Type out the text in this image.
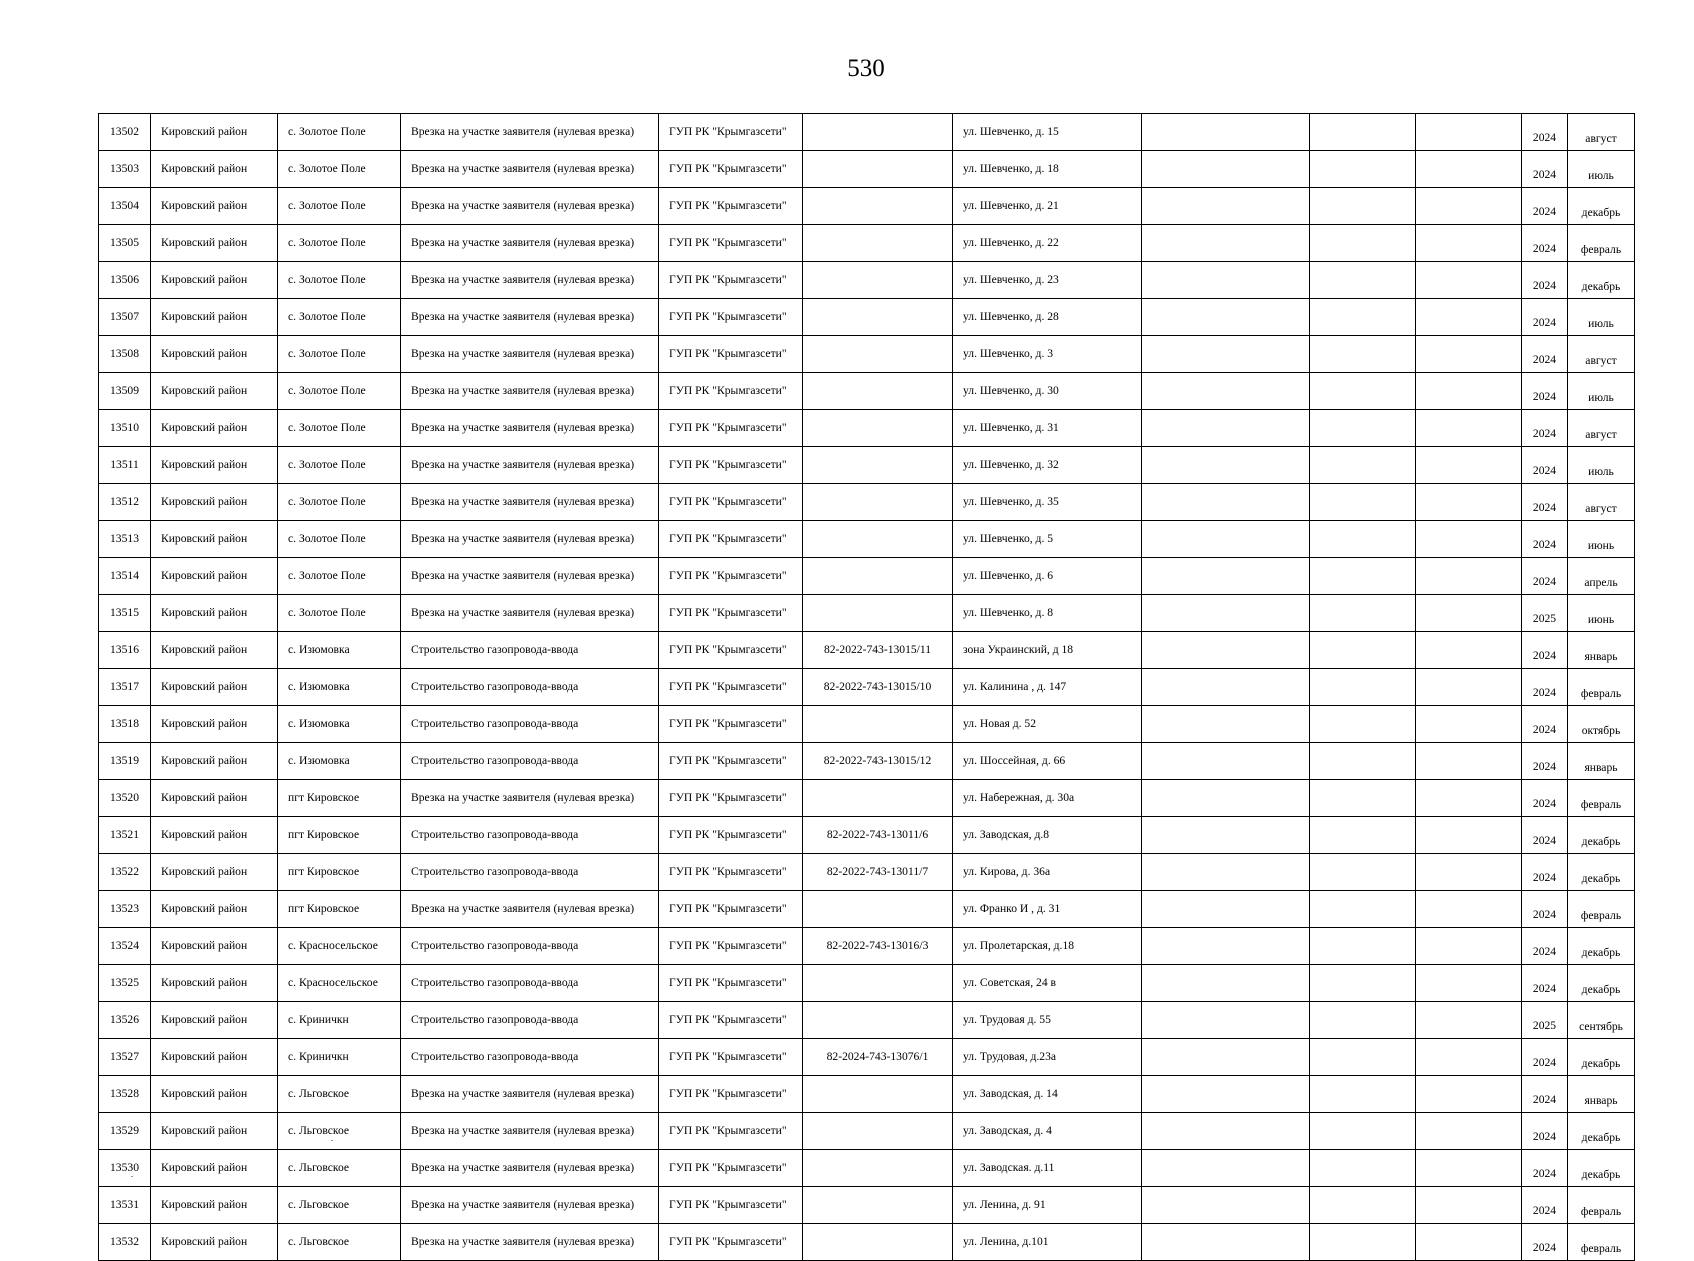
530
13502	Кировский район	с. Золотое Поле	Врезка на участке заявителя (нулевая врезка)	ГУП РК "Крымгазсети"		ул. Шевченко, д. 15				2024	август
13503	Кировский район	с. Золотое Поле	Врезка на участке заявителя (нулевая врезка)	ГУП РК "Крымгазсети"		ул. Шевченко, д. 18				2024	июль
13504	Кировский район	с. Золотое Поле	Врезка на участке заявителя (нулевая врезка)	ГУП РК "Крымгазсети"		ул. Шевченко, д. 21				2024	декабрь
13505	Кировский район	с. Золотое Поле	Врезка на участке заявителя (нулевая врезка)	ГУП РК "Крымгазсети"		ул. Шевченко, д. 22				2024	февраль
13506	Кировский район	с. Золотое Поле	Врезка на участке заявителя (нулевая врезка)	ГУП РК "Крымгазсети"		ул. Шевченко, д. 23				2024	декабрь
13507	Кировский район	с. Золотое Поле	Врезка на участке заявителя (нулевая врезка)	ГУП РК "Крымгазсети"		ул. Шевченко, д. 28				2024	июль
13508	Кировский район	с. Золотое Поле	Врезка на участке заявителя (нулевая врезка)	ГУП РК "Крымгазсети"		ул. Шевченко, д. 3				2024	август
13509	Кировский район	с. Золотое Поле	Врезка на участке заявителя (нулевая врезка)	ГУП РК "Крымгазсети"		ул. Шевченко, д. 30				2024	июль
13510	Кировский район	с. Золотое Поле	Врезка на участке заявителя (нулевая врезка)	ГУП РК "Крымгазсети"		ул. Шевченко, д. 31				2024	август
13511	Кировский район	с. Золотое Поле	Врезка на участке заявителя (нулевая врезка)	ГУП РК "Крымгазсети"		ул. Шевченко, д. 32				2024	июль
13512	Кировский район	с. Золотое Поле	Врезка на участке заявителя (нулевая врезка)	ГУП РК "Крымгазсети"		ул. Шевченко, д. 35				2024	август
13513	Кировский район	с. Золотое Поле	Врезка на участке заявителя (нулевая врезка)	ГУП РК "Крымгазсети"		ул. Шевченко, д. 5				2024	июнь
13514	Кировский район	с. Золотое Поле	Врезка на участке заявителя (нулевая врезка)	ГУП РК "Крымгазсети"		ул. Шевченко, д. 6				2024	апрель
13515	Кировский район	с. Золотое Поле	Врезка на участке заявителя (нулевая врезка)	ГУП РК "Крымгазсети"		ул. Шевченко, д. 8				2025	июнь
13516	Кировский район	с. Изюмовка	Строительство газопровода-ввода	ГУП РК "Крымгазсети"	82-2022-743-13015/11	зона Украинский, д 18				2024	январь
13517	Кировский район	с. Изюмовка	Строительство газопровода-ввода	ГУП РК "Крымгазсети"	82-2022-743-13015/10	ул. Калинина , д. 147				2024	февраль
13518	Кировский район	с. Изюмовка	Строительство газопровода-ввода	ГУП РК "Крымгазсети"		ул. Новая д. 52				2024	октябрь
13519	Кировский район	с. Изюмовка	Строительство газопровода-ввода	ГУП РК "Крымгазсети"	82-2022-743-13015/12	ул. Шоссейная, д. 66				2024	январь
13520	Кировский район	пгт Кировское	Врезка на участке заявителя (нулевая врезка)	ГУП РК "Крымгазсети"		ул. Набережная, д. 30а				2024	февраль
13521	Кировский район	пгт Кировское	Строительство газопровода-ввода	ГУП РК "Крымгазсети"	82-2022-743-13011/6	ул. Заводская, д.8				2024	декабрь
13522	Кировский район	пгт Кировское	Строительство газопровода-ввода	ГУП РК "Крымгазсети"	82-2022-743-13011/7	ул. Кирова, д. 36а				2024	декабрь
13523	Кировский район	пгт Кировское	Врезка на участке заявителя (нулевая врезка)	ГУП РК "Крымгазсети"		ул. Франко И , д. 31				2024	февраль
13524	Кировский район	с. Красносельское	Строительство газопровода-ввода	ГУП РК "Крымгазсети"	82-2022-743-13016/3	ул. Пролетарская, д.18				2024	декабрь
13525	Кировский район	с. Красносельское	Строительство газопровода-ввода	ГУП РК "Крымгазсети"		ул. Советская, 24 в				2024	декабрь
13526	Кировский район	с. Криничкн	Строительство газопровода-ввода	ГУП РК "Крымгазсети"		ул. Трудовая д. 55				2025	сентябрь
13527	Кировский район	с. Криничкн	Строительство газопровода-ввода	ГУП РК "Крымгазсети"	82-2024-743-13076/1	ул. Трудовая, д.23а				2024	декабрь
13528	Кировский район	с. Льговское	Врезка на участке заявителя (нулевая врезка)	ГУП РК "Крымгазсети"		ул. Заводская, д. 14				2024	январь
13529	Кировский район	с. Льговское	Врезка на участке заявителя (нулевая врезка)	ГУП РК "Крымгазсети"		ул. Заводская, д. 4				2024	декабрь
13530	Кировский район	с. Льговское	Врезка на участке заявителя (нулевая врезка)	ГУП РК "Крымгазсети"		ул. Заводская. д.11				2024	декабрь
13531	Кировский район	с. Льговское	Врезка на участке заявителя (нулевая врезка)	ГУП РК "Крымгазсети"		ул. Ленина, д. 91				2024	февраль
13532	Кировский район	с. Льговское	Врезка на участке заявителя (нулевая врезка)	ГУП РК "Крымгазсети"		ул. Ленина, д.101				2024	февраль
